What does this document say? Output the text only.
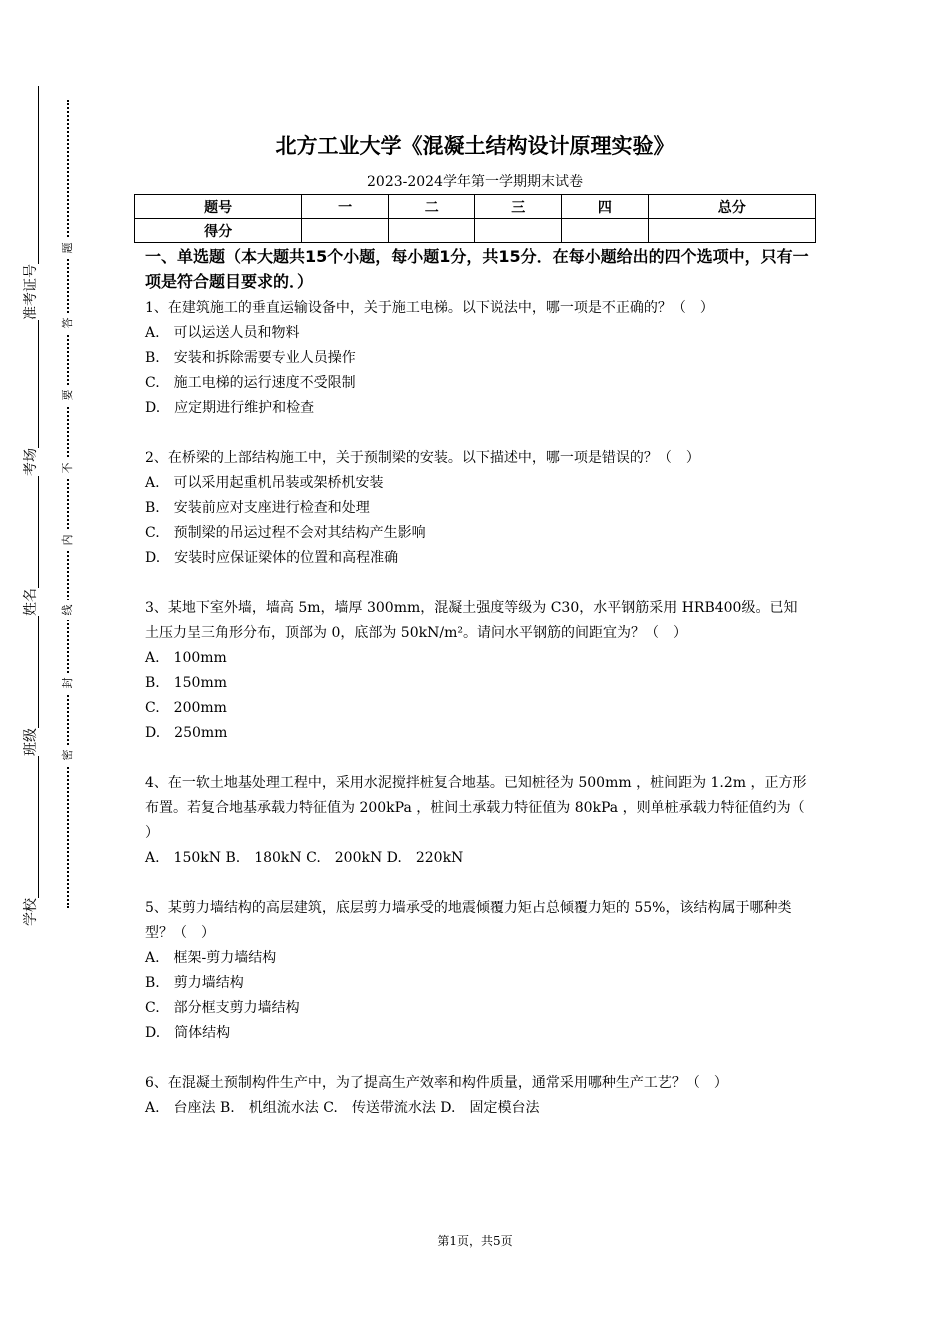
准考证号
考场
姓名
班级
学校
题
答
要
不
内
线
封
密
北方工业大学《混凝土结构设计原理实验》
2023-2024学年第一学期期末试卷
题号	一	二	三	四	总分
得分					
一、单选题（本大题共15个小题，每小题1分，共15分．在每小题给出的四个选项中，只有一项是符合题目要求的．）
1、在建筑施工的垂直运输设备中，关于施工电梯。以下说法中，哪一项是不正确的？（　）
A.　可以运送人员和物料
B.　安装和拆除需要专业人员操作
C.　施工电梯的运行速度不受限制
D.　应定期进行维护和检查
2、在桥梁的上部结构施工中，关于预制梁的安装。以下描述中，哪一项是错误的？（　）
A.　可以采用起重机吊装或架桥机安装
B.　安装前应对支座进行检查和处理
C.　预制梁的吊运过程不会对其结构产生影响
D.　安装时应保证梁体的位置和高程准确
3、某地下室外墙，墙高 5m，墙厚 300mm，混凝土强度等级为 C30，水平钢筋采用 HRB400级。已知土压力呈三角形分布，顶部为 0，底部为 50kN/m²。请问水平钢筋的间距宜为？（　）
A.　100mm
B.　150mm
C.　200mm
D.　250mm
4、在一软土地基处理工程中，采用水泥搅拌桩复合地基。已知桩径为 500mm ，桩间距为 1.2m ，正方形布置。若复合地基承载力特征值为 200kPa ，桩间土承载力特征值为 80kPa ，则单桩承载力特征值约为（ ）
A.　150kN B.　180kN C.　200kN D.　220kN
5、某剪力墙结构的高层建筑，底层剪力墙承受的地震倾覆力矩占总倾覆力矩的 55%，该结构属于哪种类型？（　）
A.　框架-剪力墙结构
B.　剪力墙结构
C.　部分框支剪力墙结构
D.　筒体结构
6、在混凝土预制构件生产中，为了提高生产效率和构件质量，通常采用哪种生产工艺？（　）
A.　台座法 B.　机组流水法 C.　传送带流水法 D.　固定模台法
第1页，共5页
